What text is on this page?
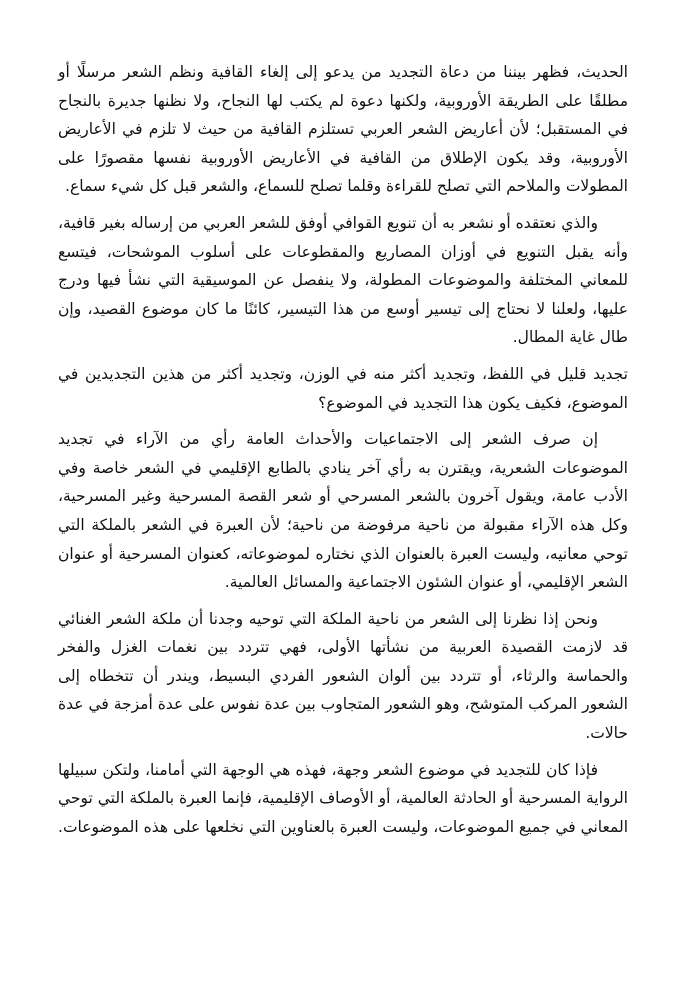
الحديث، فظهر بيننا من دعاة التجديد من يدعو إلى إلغاء القافية ونظم الشعر مرسلًا أو مطلقًا على الطريقة الأوروبية، ولكنها دعوة لم يكتب لها النجاح، ولا نظنها جديرة بالنجاح في المستقبل؛ لأن أعاريض الشعر العربي تستلزم القافية من حيث لا تلزم في الأعاريض الأوروبية، وقد يكون الإطلاق من القافية في الأعاريض الأوروبية نفسها مقصورًا على المطولات والملاحم التي تصلح للقراءة وقلما تصلح للسماع، والشعر قبل كل شيء سماع.

والذي نعتقده أو نشعر به أن تنويع القوافي أوفق للشعر العربي من إرساله بغير قافية، وأنه يقبل التنويع في أوزان المصاريع والمقطوعات على أسلوب الموشحات، فيتسع للمعاني المختلفة والموضوعات المطولة، ولا ينفصل عن الموسيقية التي نشأ فيها ودرج عليها، ولعلنا لا نحتاج إلى تيسير أوسع من هذا التيسير، كائنًا ما كان موضوع القصيد، وإن طال غاية المطال.

تجديد قليل في اللفظ، وتجديد أكثر منه في الوزن، وتجديد أكثر من هذين التجديدين في الموضوع، فكيف يكون هذا التجديد في الموضوع؟

إن صرف الشعر إلى الاجتماعيات والأحداث العامة رأي من الآراء في تجديد الموضوعات الشعرية، ويقترن به رأي آخر ينادي بالطابع الإقليمي في الشعر خاصة وفي الأدب عامة، ويقول آخرون بالشعر المسرحي أو شعر القصة المسرحية وغير المسرحية، وكل هذه الآراء مقبولة من ناحية مرفوضة من ناحية؛ لأن العبرة في الشعر بالملكة التي توحي معانيه، وليست العبرة بالعنوان الذي نختاره لموضوعاته، كعنوان المسرحية أو عنوان الشعر الإقليمي، أو عنوان الشئون الاجتماعية والمسائل العالمية.

ونحن إذا نظرنا إلى الشعر من ناحية الملكة التي توحيه وجدنا أن ملكة الشعر الغنائي قد لازمت القصيدة العربية من نشأتها الأولى، فهي تتردد بين نغمات الغزل والفخر والحماسة والرثاء، أو تتردد بين ألوان الشعور الفردي البسيط، ويندر أن تتخطاه إلى الشعور المركب المتوشح، وهو الشعور المتجاوب بين عدة نفوس على عدة أمزجة في عدة حالات.

فإذا كان للتجديد في موضوع الشعر وجهة، فهذه هي الوجهة التي أمامنا، ولتكن سبيلها الرواية المسرحية أو الحادثة العالمية، أو الأوصاف الإقليمية، فإنما العبرة بالملكة التي توحي المعاني في جميع الموضوعات، وليست العبرة بالعناوين التي نخلعها على هذه الموضوعات.
